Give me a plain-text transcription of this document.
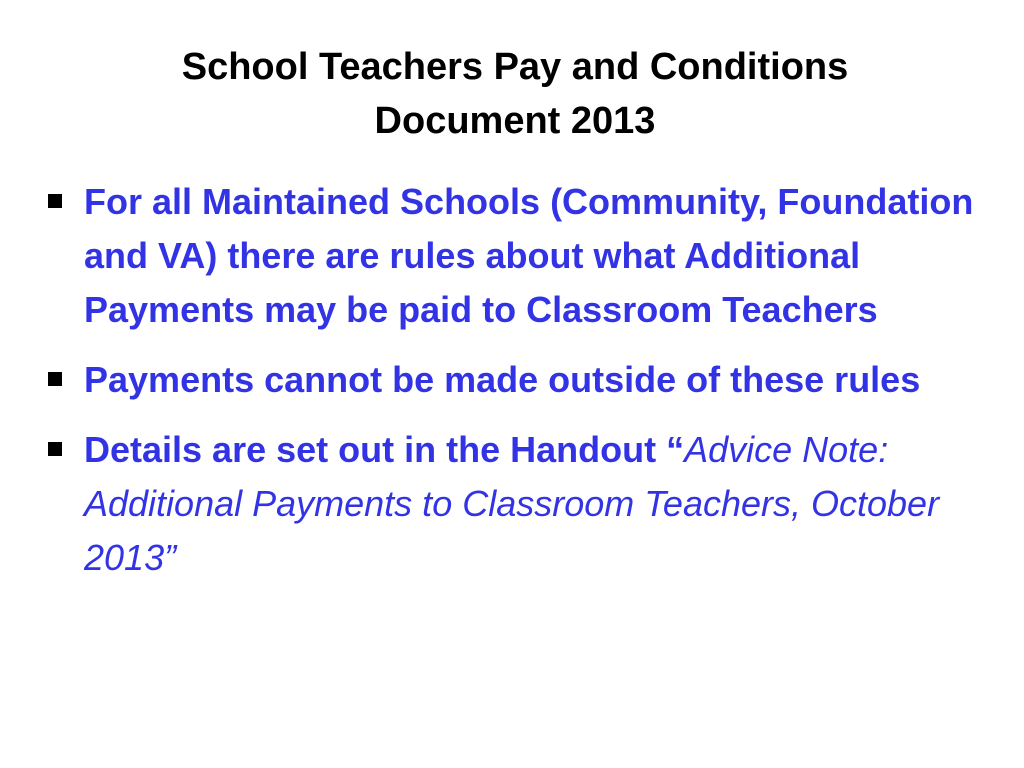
School Teachers Pay and Conditions
Document 2013
For all Maintained Schools (Community, Foundation and VA) there are rules about what Additional Payments may be paid to Classroom Teachers
Payments cannot be made outside of these rules
Details are set out in the Handout “Advice Note: Additional Payments to Classroom Teachers, October 2013”
